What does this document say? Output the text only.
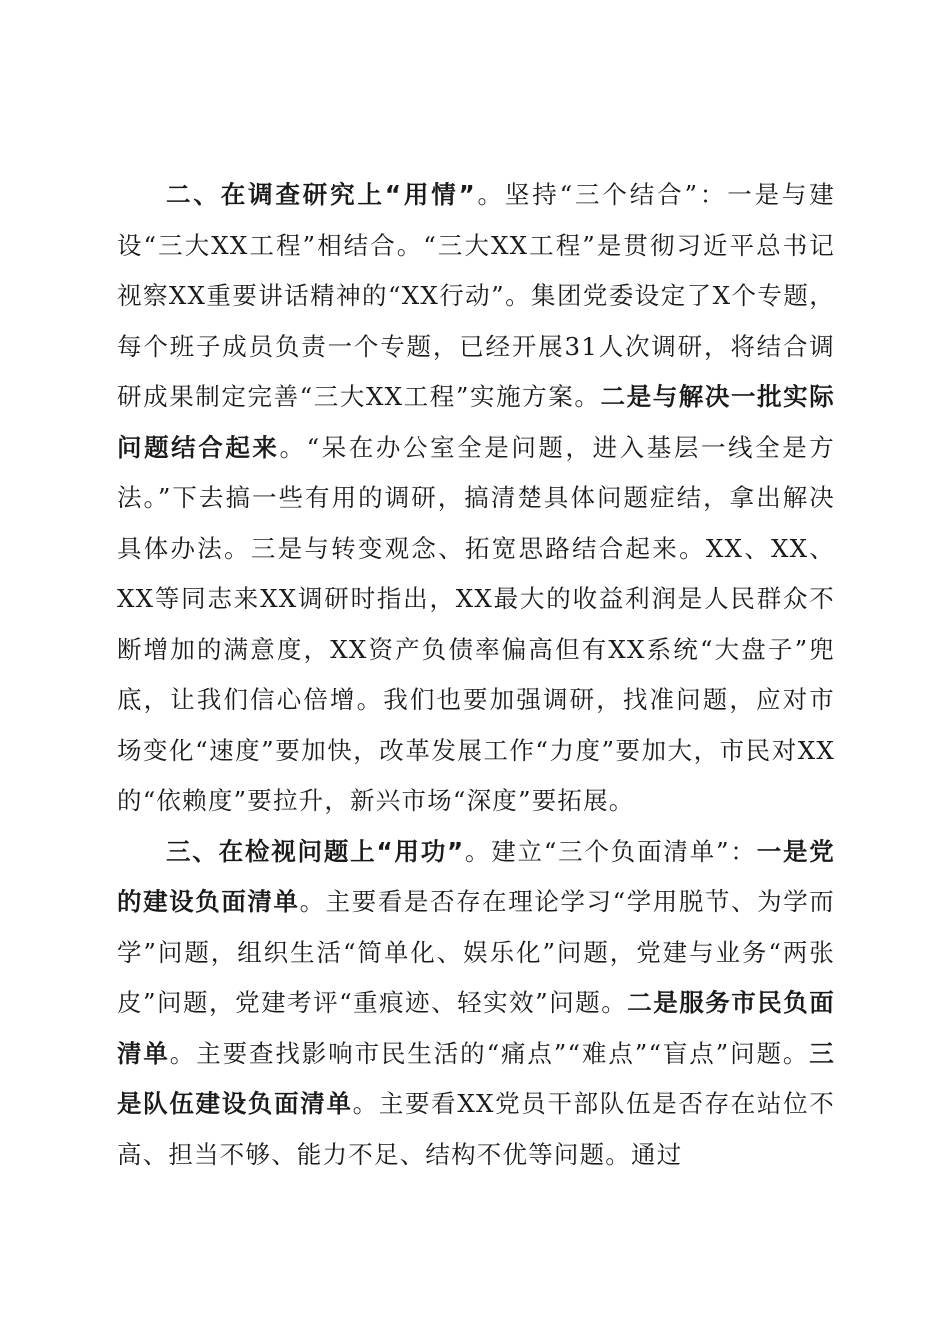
二、在调查研究上“用情”。坚持“三个结合”：一是与建设“三大XX工程”相结合。“三大XX工程”是贯彻习近平总书记视察XX重要讲话精神的“XX行动”。集团党委设定了X个专题，每个班子成员负责一个专题，已经开展31人次调研，将结合调研成果制定完善“三大XX工程”实施方案。二是与解决一批实际问题结合起来。“呆在办公室全是问题，进入基层一线全是方法。”下去搞一些有用的调研，搞清楚具体问题症结，拿出解决具体办法。三是与转变观念、拓宽思路结合起来。XX、XX、XX等同志来XX调研时指出，XX最大的收益利润是人民群众不断增加的满意度，XX资产负债率偏高但有XX系统“大盘子”兜底，让我们信心倍增。我们也要加强调研，找准问题，应对市场变化“速度”要加快，改革发展工作“力度”要加大，市民对XX的“依赖度”要拉升，新兴市场“深度”要拓展。

三、在检视问题上“用功”。建立“三个负面清单”：一是党的建设负面清单。主要看是否存在理论学习“学用脱节、为学而学”问题，组织生活“简单化、娱乐化”问题，党建与业务“两张皮”问题，党建考评“重痕迹、轻实效”问题。二是服务市民负面清单。主要查找影响市民生活的“痛点”“难点”“盲点”问题。三是队伍建设负面清单。主要看XX党员干部队伍是否存在站位不高、担当不够、能力不足、结构不优等问题。通过
